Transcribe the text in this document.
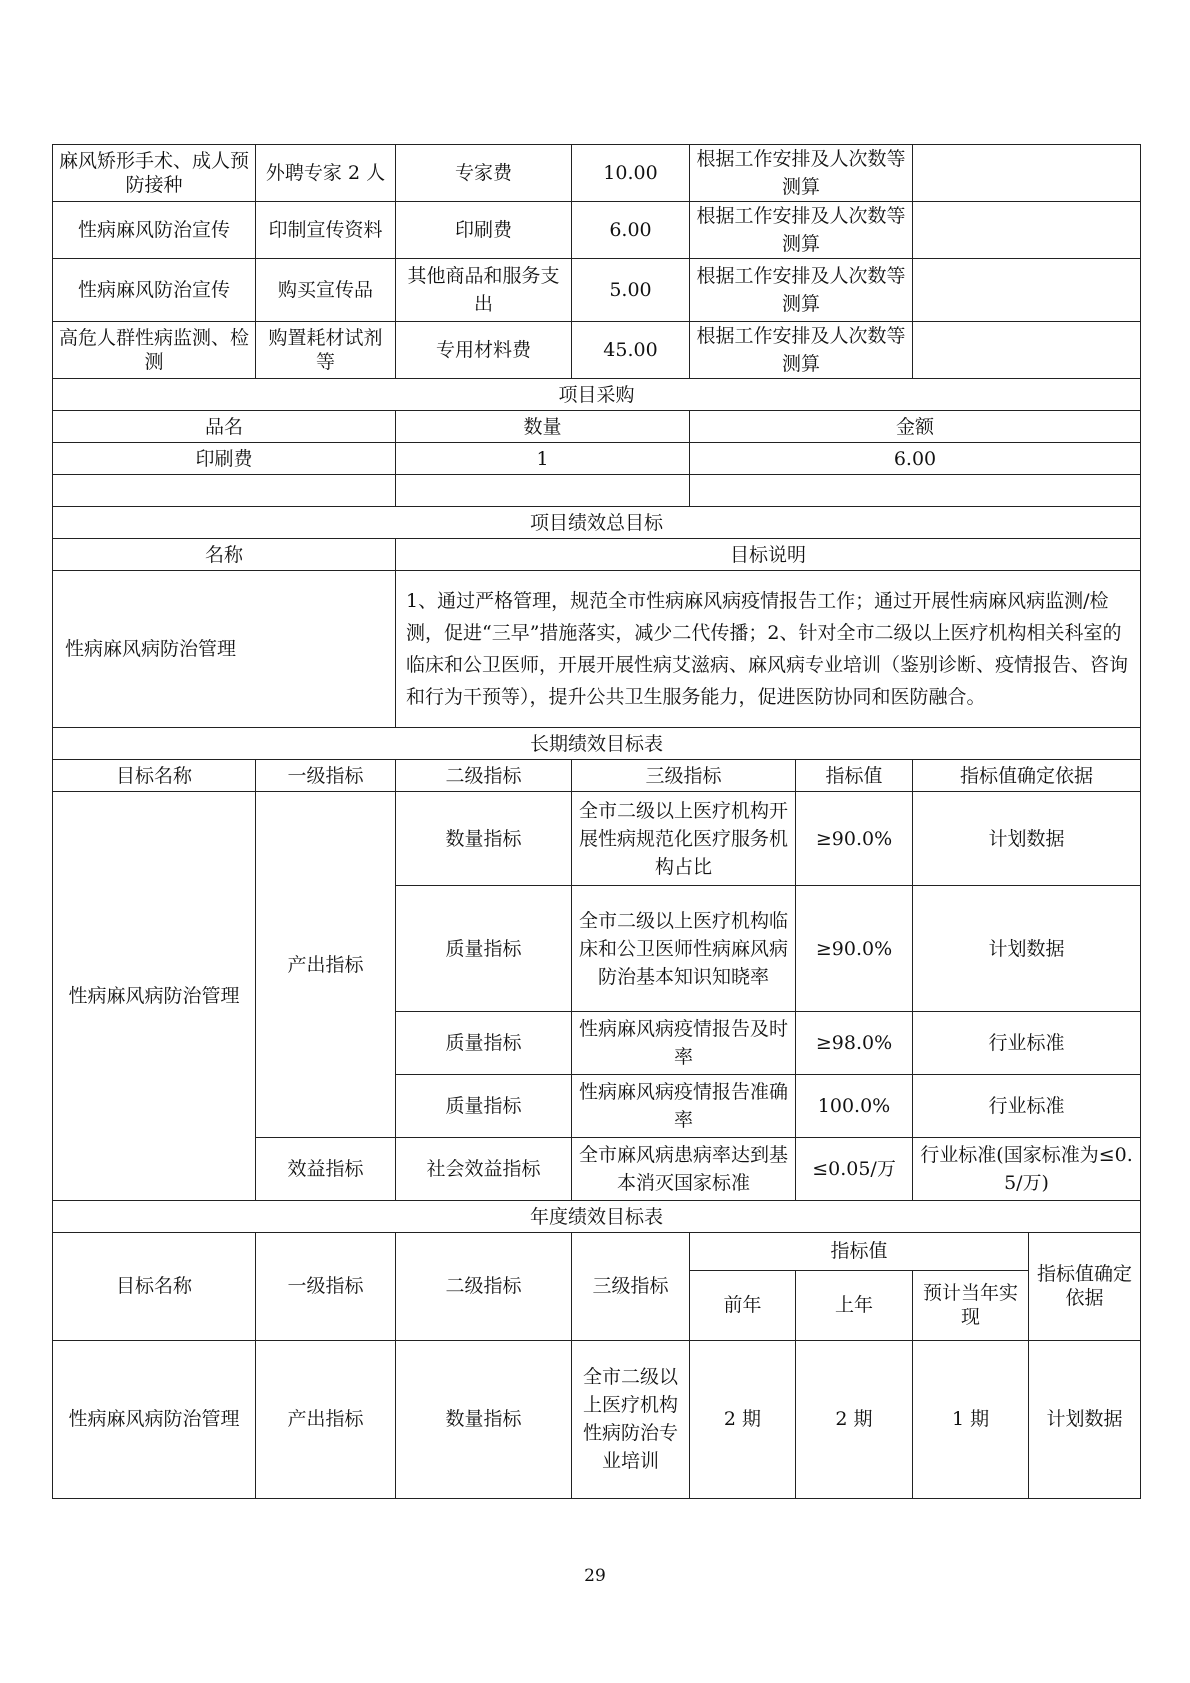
麻风矫形手术、成人预防接种	外聘专家 2 人	专家费	10.00	根据工作安排及人次数等测算		
性病麻风防治宣传	印制宣传资料	印刷费	6.00	根据工作安排及人次数等测算		
性病麻风防治宣传	购买宣传品	其他商品和服务支出	5.00	根据工作安排及人次数等测算		
高危人群性病监测、检测	购置耗材试剂等	专用材料费	45.00	根据工作安排及人次数等测算		
项目采购						
品名		数量		金额		
印刷费		1		6.00		

项目绩效总目标						
名称		目标说明				
性病麻风病防治管理		1、通过严格管理，规范全市性病麻风病疫情报告工作；通过开展性病麻风病监测/检测，促进“三早”措施落实，减少二代传播；2、针对全市二级以上医疗机构相关科室的临床和公卫医师，开展开展性病艾滋病、麻风病专业培训（鉴别诊断、疫情报告、咨询和行为干预等），提升公共卫生服务能力，促进医防协同和医防融合。				
长期绩效目标表						
目标名称	一级指标	二级指标	三级指标		指标值	指标值确定依据
性病麻风病防治管理	产出指标	数量指标	全市二级以上医疗机构开展性病规范化医疗服务机构占比		≥90.0%	计划数据
		质量指标	全市二级以上医疗机构临床和公卫医师性病麻风病防治基本知识知晓率		≥90.0%	计划数据
		质量指标	性病麻风病疫情报告及时率		≥98.0%	行业标准
		质量指标	性病麻风病疫情报告准确率		100.0%	行业标准
	效益指标	社会效益指标	全市麻风病患病率达到基本消灭国家标准		≤0.05/万	行业标准(国家标准为≤0.5/万)
年度绩效目标表						
目标名称	一级指标	二级指标	三级指标	指标值			指标值确定依据
				前年	上年	预计当年实现	
性病麻风病防治管理	产出指标	数量指标	全市二级以上医疗机构性病防治专业培训	2 期	2 期	1 期	计划数据
29
